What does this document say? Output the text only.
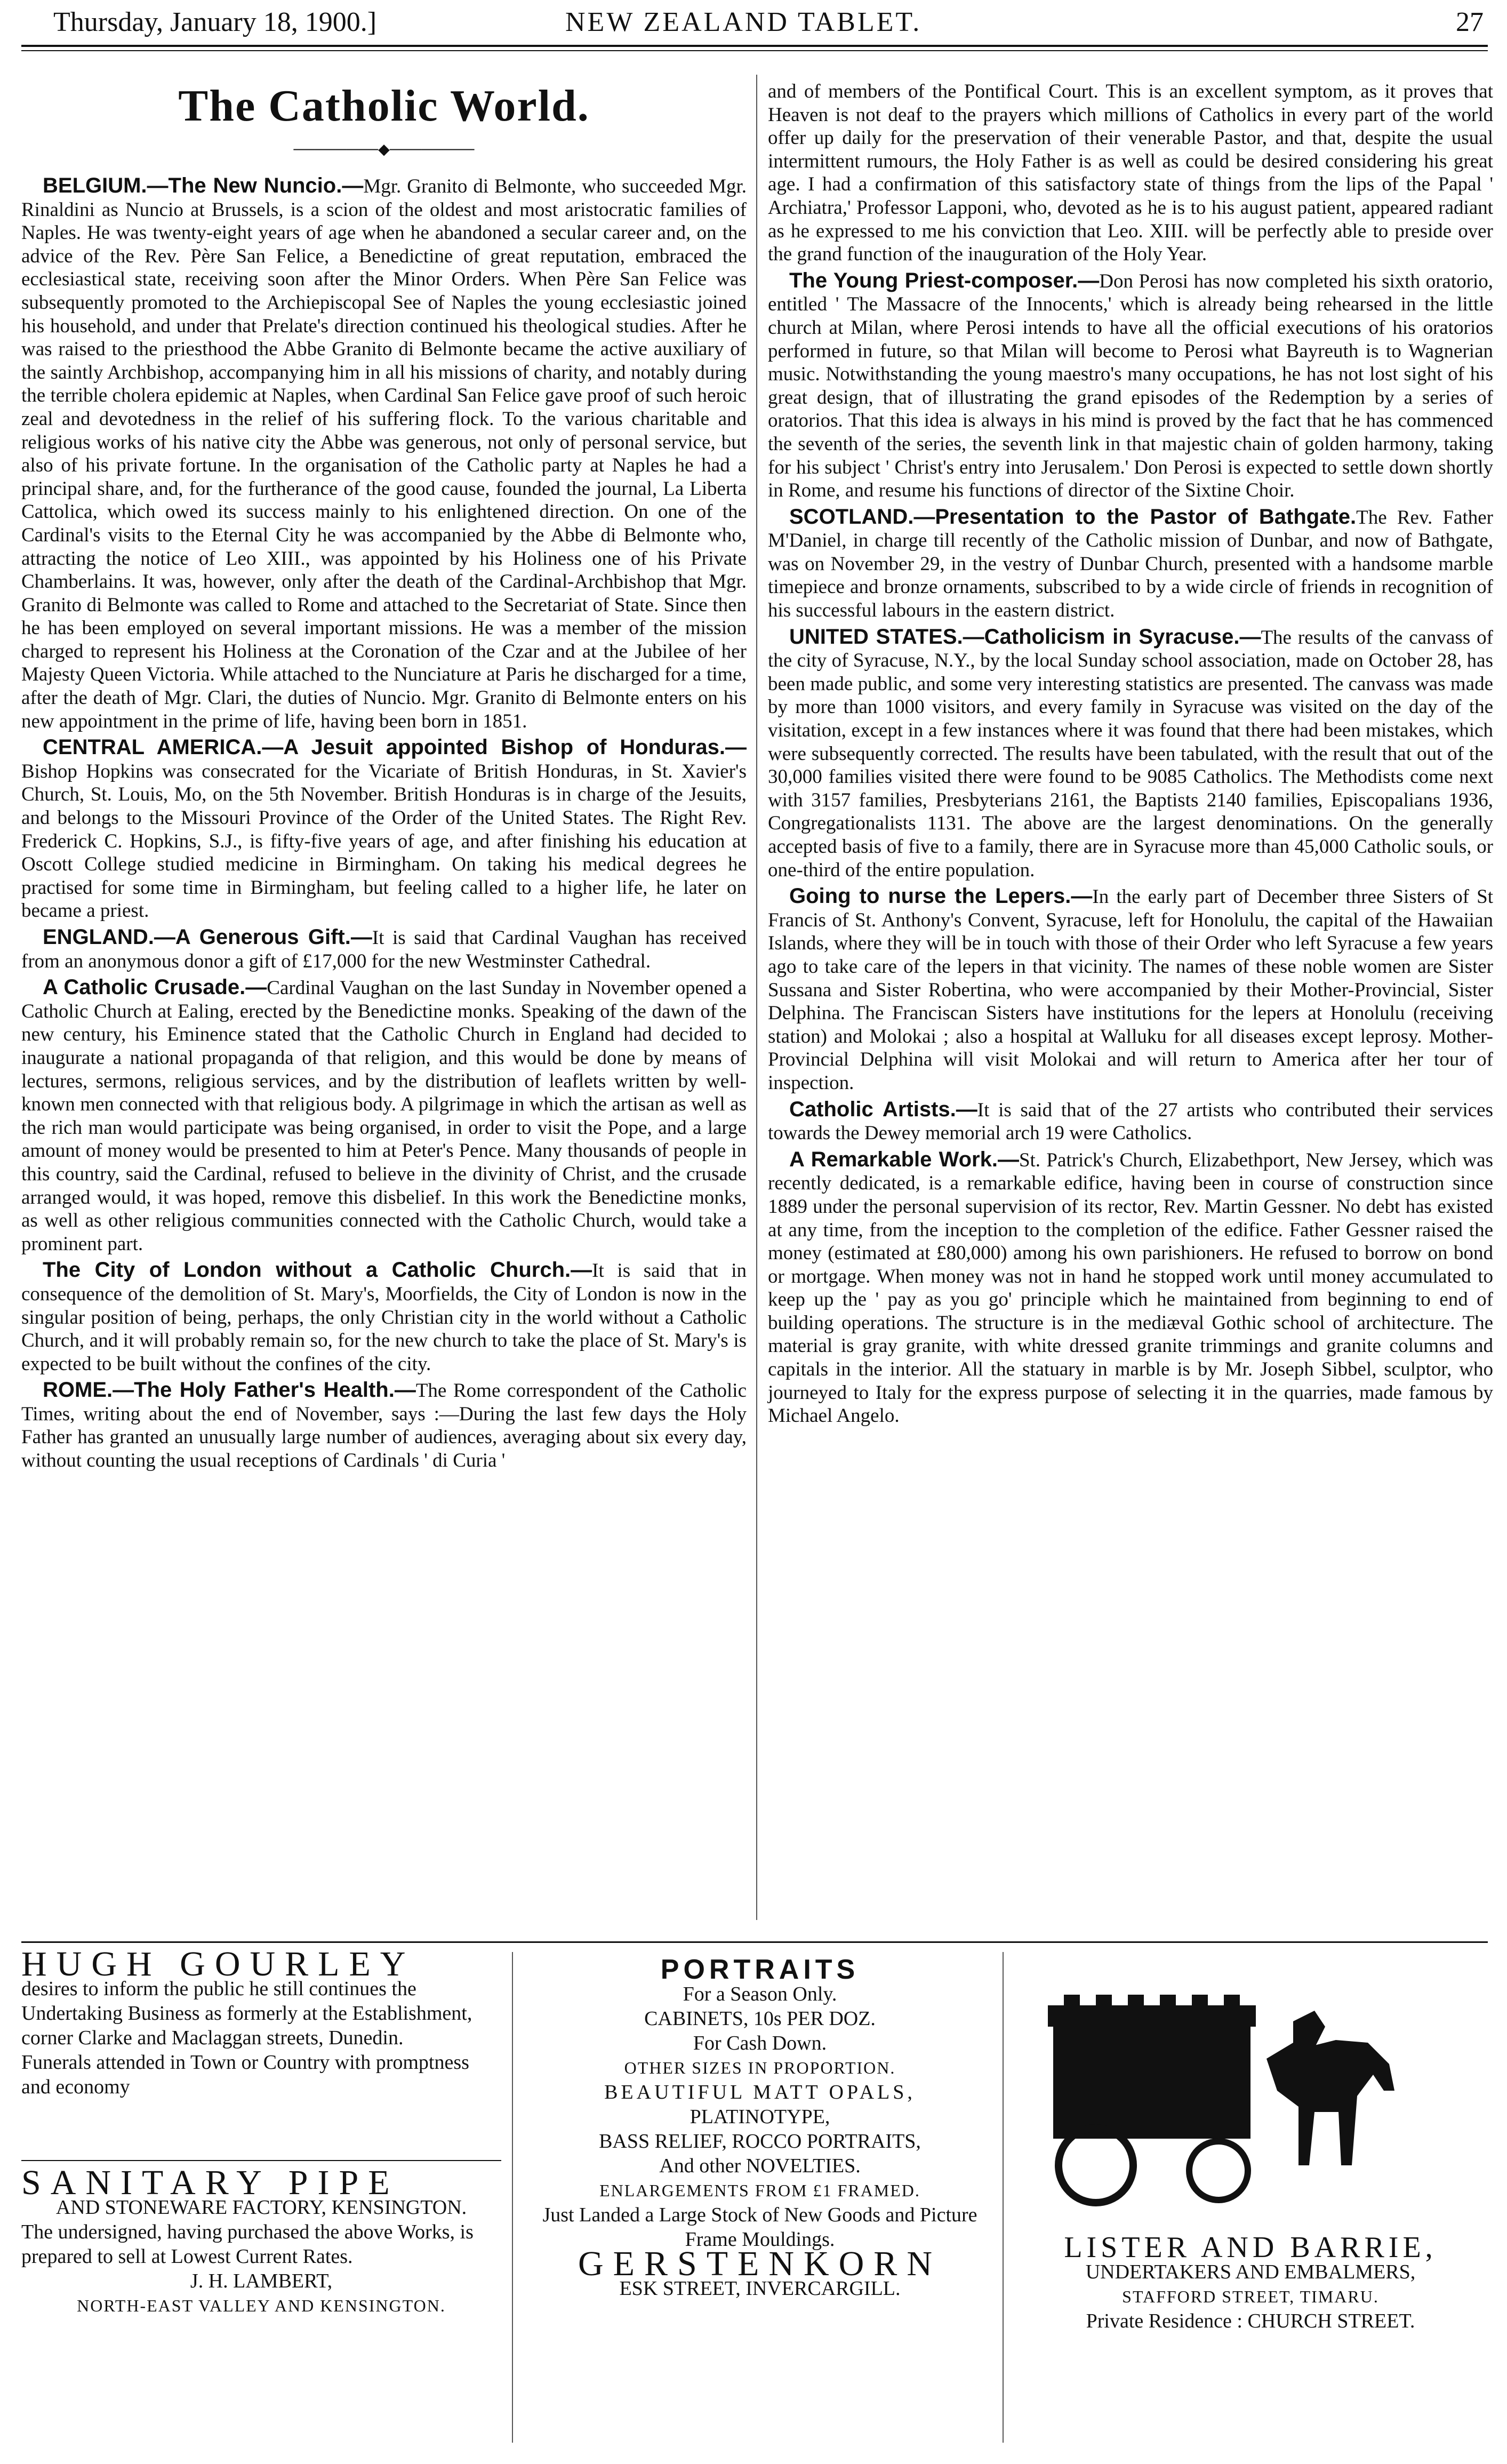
Thursday, January 18, 1900.]	NEW ZEALAND TABLET.	27
The Catholic World.
────────◆────────

BELGIUM.—The New Nuncio.—Mgr. Granito di Belmonte, who succeeded Mgr. Rinaldini as Nuncio at Brussels, is a scion of the oldest and most aristocratic families of Naples. He was twenty-eight years of age when he abandoned a secular career and, on the advice of the Rev. Père San Felice, a Benedictine of great reputation, embraced the ecclesiastical state, receiving soon after the Minor Orders. When Père San Felice was subsequently promoted to the Archiepiscopal See of Naples the young ecclesiastic joined his household, and under that Prelate's direction continued his theological studies. After he was raised to the priesthood the Abbe Granito di Belmonte became the active auxiliary of the saintly Archbishop, accompanying him in all his missions of charity, and notably during the terrible cholera epidemic at Naples, when Cardinal San Felice gave proof of such heroic zeal and devotedness in the relief of his suffering flock. To the various charitable and religious works of his native city the Abbe was generous, not only of personal service, but also of his private fortune. In the organisation of the Catholic party at Naples he had a principal share, and, for the furtherance of the good cause, founded the journal, La Liberta Cattolica, which owed its success mainly to his enlightened direction. On one of the Cardinal's visits to the Eternal City he was accompanied by the Abbe di Belmonte who, attracting the notice of Leo XIII., was appointed by his Holiness one of his Private Chamberlains. It was, however, only after the death of the Cardinal-Archbishop that Mgr. Granito di Belmonte was called to Rome and attached to the Secretariat of State. Since then he has been employed on several important missions. He was a member of the mission charged to represent his Holiness at the Coronation of the Czar and at the Jubilee of her Majesty Queen Victoria. While attached to the Nunciature at Paris he discharged for a time, after the death of Mgr. Clari, the duties of Nuncio. Mgr. Granito di Belmonte enters on his new appointment in the prime of life, having been born in 1851.

CENTRAL AMERICA.—A Jesuit appointed Bishop of Honduras.—Bishop Hopkins was consecrated for the Vicariate of British Honduras, in St. Xavier's Church, St. Louis, Mo, on the 5th November. British Honduras is in charge of the Jesuits, and belongs to the Missouri Province of the Order of the United States. The Right Rev. Frederick C. Hopkins, S.J., is fifty-five years of age, and after finishing his education at Oscott College studied medicine in Birmingham. On taking his medical degrees he practised for some time in Birmingham, but feeling called to a higher life, he later on became a priest.

ENGLAND.—A Generous Gift.—It is said that Cardinal Vaughan has received from an anonymous donor a gift of £17,000 for the new Westminster Cathedral.

A Catholic Crusade.—Cardinal Vaughan on the last Sunday in November opened a Catholic Church at Ealing, erected by the Benedictine monks. Speaking of the dawn of the new century, his Eminence stated that the Catholic Church in England had decided to inaugurate a national propaganda of that religion, and this would be done by means of lectures, sermons, religious services, and by the distribution of leaflets written by well-known men connected with that religious body. A pilgrimage in which the artisan as well as the rich man would participate was being organised, in order to visit the Pope, and a large amount of money would be presented to him at Peter's Pence. Many thousands of people in this country, said the Cardinal, refused to believe in the divinity of Christ, and the crusade arranged would, it was hoped, remove this disbelief. In this work the Benedictine monks, as well as other religious communities connected with the Catholic Church, would take a prominent part.

The City of London without a Catholic Church.—It is said that in consequence of the demolition of St. Mary's, Moorfields, the City of London is now in the singular position of being, perhaps, the only Christian city in the world without a Catholic Church, and it will probably remain so, for the new church to take the place of St. Mary's is expected to be built without the confines of the city.

ROME.—The Holy Father's Health.—The Rome correspondent of the Catholic Times, writing about the end of November, says :—During the last few days the Holy Father has granted an unusually large number of audiences, averaging about six every day, without counting the usual receptions of Cardinals ' di Curia '

and of members of the Pontifical Court. This is an excellent symptom, as it proves that Heaven is not deaf to the prayers which millions of Catholics in every part of the world offer up daily for the preservation of their venerable Pastor, and that, despite the usual intermittent rumours, the Holy Father is as well as could be desired considering his great age. I had a confirmation of this satisfactory state of things from the lips of the Papal ' Archiatra,' Professor Lapponi, who, devoted as he is to his august patient, appeared radiant as he expressed to me his conviction that Leo. XIII. will be perfectly able to preside over the grand function of the inauguration of the Holy Year.

The Young Priest-composer.—Don Perosi has now completed his sixth oratorio, entitled ' The Massacre of the Innocents,' which is already being rehearsed in the little church at Milan, where Perosi intends to have all the official executions of his oratorios performed in future, so that Milan will become to Perosi what Bayreuth is to Wagnerian music. Notwithstanding the young maestro's many occupations, he has not lost sight of his great design, that of illustrating the grand episodes of the Redemption by a series of oratorios. That this idea is always in his mind is proved by the fact that he has commenced the seventh of the series, the seventh link in that majestic chain of golden harmony, taking for his subject ' Christ's entry into Jerusalem.' Don Perosi is expected to settle down shortly in Rome, and resume his functions of director of the Sixtine Choir.

SCOTLAND.—Presentation to the Pastor of Bathgate.The Rev. Father M'Daniel, in charge till recently of the Catholic mission of Dunbar, and now of Bathgate, was on November 29, in the vestry of Dunbar Church, presented with a handsome marble timepiece and bronze ornaments, subscribed to by a wide circle of friends in recognition of his successful labours in the eastern district.

UNITED STATES.—Catholicism in Syracuse.—The results of the canvass of the city of Syracuse, N.Y., by the local Sunday school association, made on October 28, has been made public, and some very interesting statistics are presented. The canvass was made by more than 1000 visitors, and every family in Syracuse was visited on the day of the visitation, except in a few instances where it was found that there had been mistakes, which were subsequently corrected. The results have been tabulated, with the result that out of the 30,000 families visited there were found to be 9085 Catholics. The Methodists come next with 3157 families, Presbyterians 2161, the Baptists 2140 families, Episcopalians 1936, Congregationalists 1131. The above are the largest denominations. On the generally accepted basis of five to a family, there are in Syracuse more than 45,000 Catholic souls, or one-third of the entire population.

Going to nurse the Lepers.—In the early part of December three Sisters of St Francis of St. Anthony's Convent, Syracuse, left for Honolulu, the capital of the Hawaiian Islands, where they will be in touch with those of their Order who left Syracuse a few years ago to take care of the lepers in that vicinity. The names of these noble women are Sister Sussana and Sister Robertina, who were accompanied by their Mother-Provincial, Sister Delphina. The Franciscan Sisters have institutions for the lepers at Honolulu (receiving station) and Molokai ; also a hospital at Walluku for all diseases except leprosy. Mother-Provincial Delphina will visit Molokai and will return to America after her tour of inspection.

Catholic Artists.—It is said that of the 27 artists who contributed their services towards the Dewey memorial arch 19 were Catholics.

A Remarkable Work.—St. Patrick's Church, Elizabethport, New Jersey, which was recently dedicated, is a remarkable edifice, having been in course of construction since 1889 under the personal supervision of its rector, Rev. Martin Gessner. No debt has existed at any time, from the inception to the completion of the edifice. Father Gessner raised the money (estimated at £80,000) among his own parishioners. He refused to borrow on bond or mortgage. When money was not in hand he stopped work until money accumulated to keep up the ' pay as you go' principle which he maintained from beginning to end of building operations. The structure is in the mediæval Gothic school of architecture. The material is gray granite, with white dressed granite trimmings and granite columns and capitals in the interior. All the statuary in marble is by Mr. Joseph Sibbel, sculptor, who journeyed to Italy for the express purpose of selecting it in the quarries, made famous by Michael Angelo.

HUGH GOURLEY

desires to inform the public he still continues the Undertaking Business as formerly at the Establishment, corner Clarke and Maclaggan streets, Dunedin.

Funerals attended in Town or Country with promptness and economy

SANITARY PIPE

AND STONEWARE FACTORY, KENSINGTON.

The undersigned, having purchased the above Works, is prepared to sell at Lowest Current Rates.

J. H. LAMBERT,

NORTH-EAST VALLEY AND KENSINGTON.

PORTRAITS

For a Season Only.

CABINETS, 10s PER DOZ.

For Cash Down.

OTHER SIZES IN PROPORTION.

BEAUTIFUL MATT OPALS,

PLATINOTYPE,

BASS RELIEF, ROCCO PORTRAITS,

And other NOVELTIES.

ENLARGEMENTS FROM £1 FRAMED.

Just Landed a Large Stock of New Goods and Picture Frame Mouldings.

GERSTENKORN

ESK STREET, INVERCARGILL.

LISTER AND BARRIE,

UNDERTAKERS AND EMBALMERS,

STAFFORD STREET, TIMARU.

Private Residence : CHURCH STREET.
